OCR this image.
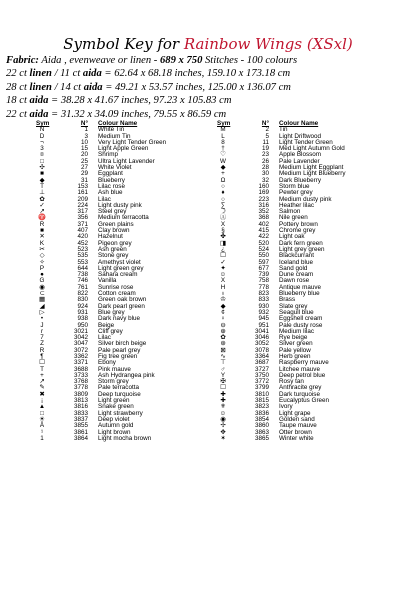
Symbol Key for Rainbow Wings (XSxl)
Fabric: Aida , evenweave or linen - 689 x 750 Stitches - 100 colours
22 ct linen / 11 ct aida = 62.64 x 68.18 inches, 159.10 x 173.18 cm
28 ct linen / 14 ct aida = 49.21 x 53.57 inches, 125.00 x 136.07 cm
18 ct aida = 38.28 x 41.67 inches, 97.23 x 105.83 cm
22 ct aida = 31.32 x 34.09 inches, 79.55 x 86.59 cm
Sym	N° Colour Name
N	1 White Tin
D	3 Medium Tin
¬	10 Very Light Tender Green
3	15 Light Apple Green
¤	20 Shrimp
□	25 Ultra Light Lavender
✣	27 White Violet
■	29 Eggplant
◆	31 Blueberry
T	153 Lilac rose
⊥	161 Ash blue
✿	209 Lilac
✓	224 Light dusty pink
↗	317 Steel grey
♈	356 Medium terracotta
R	371 Green plains
■	407 Clay brown
✕	420 Hazelnut
K	452 Pigeon grey
✂	523 Ash green
◇	535 Stone grey
✧	553 Amethyst violet
P	644 Light green grey
●	738 Sahara cream
G	746 Vanilla
◉	761 Sunrise rose
⊂	822 Cotton cream
▦	830 Green oak brown
◢	924 Dark pearl green
▷	931 Blue grey
•	938 Dark navy blue
J	950 Beige
r	3021 Cliff grey
7	3042 Lilac
Z	3047 Silver birch beige
R	3072 Pale pearl grey
¶	3362 Fig tree green
☐	3371 Ebony
T	3688 Pink mauve
+	3733 Ash Hydrangea pink
↗	3768 Storm grey
✎	3778 Pale terracotta
✖	3809 Deep turquoise
¡	3813 Light green
▲	3816 Snake green
□	3833 Light strawberry
☀	3837 Deep violet
Å	3855 Autumn gold
¹	3861 Light brown
1	3864 Light mocha brown
Sym	N° Colour Name
M	2 Tin
L	5 Light Driftwood
8	11 Light Tender Green
†	19 Med Light Autumn Gold
♡	23 Apple Blossom
W	26 Pale Lavender
◆	28 Medium Light Eggplant
+	30 Medium Light Blueberry
Ω	32 Dark Blueberry
○	160 Storm blue
♦	169 Pewter grey
○	223 Medium dusty pink
∑	316 Heather lilac
☽	352 Salmon
Ⓐ	368 Nile green
X	402 Pottery brown
§	415 Chrome grey
✤	422 Light oak
◨	520 Dark fern green
¿	524 Light grey green
☐	550 Blackcurrant
✓	597 Iceland blue
✦	677 Sand gold
☺	739 Dune cream
X	758 Dawn rose
H	778 Antique mauve
♁	823 Blueberry blue
♔	833 Brass
◆	930 Slate grey
¢	932 Seagull blue
♀	945 Eggshell cream
⊖	951 Pale dusty rose
⊕	3041 Medium lilac
✿	3046 Rye beige
⊛	3052 Silver green
⊠	3078 Pale yellow
∿	3364 Herb green
⊤	3687 Raspberry mauve
♂	3727 Litchee mauve
Y	3750 Deep petrol blue
✠	3772 Rosy tan
☐	3799 Anthracite grey
✚	3810 Dark turquoise
✚	3815 Eucalyptus Green
⚜	3823 Ivory
☺	3836 Light grape
◉	3854 Golden sand
✢	3860 Taupe mauve
✥	3863 Otter brown
✶	3865 Winter white
